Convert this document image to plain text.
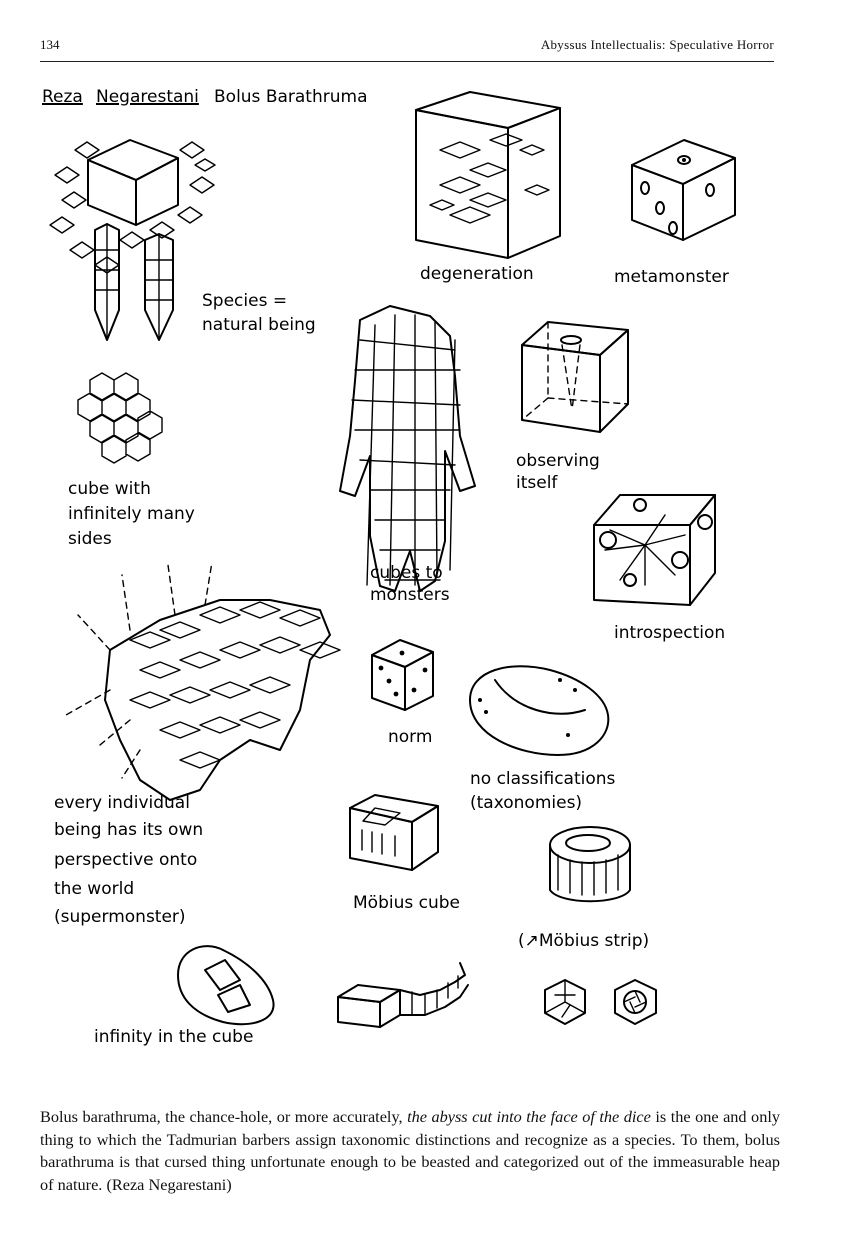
134	Abyssus Intellectualis: Speculative Horror
Reza Negarestani Bolus Barathruma
Species =
natural being
degeneration	metamonster
cube with
infinitely many
sides
observing
itself
cubes to
monsters
introspection
norm
no classifications
(taxonomies)
every individual
being has its own
perspective onto
the world
(supermonster)
Möbius cube
(↗Möbius strip)
infinity in the cube

Bolus barathruma, the chance-hole, or more accurately, the abyss cut into the face of the dice is the one and only thing to which the Tadmurian barbers assign taxonomic distinctions and recognize as a species. To them, bolus barathruma is that cursed thing unfortunate enough to be beasted and categorized out of the immeasurable heap of nature. (Reza Negarestani)
